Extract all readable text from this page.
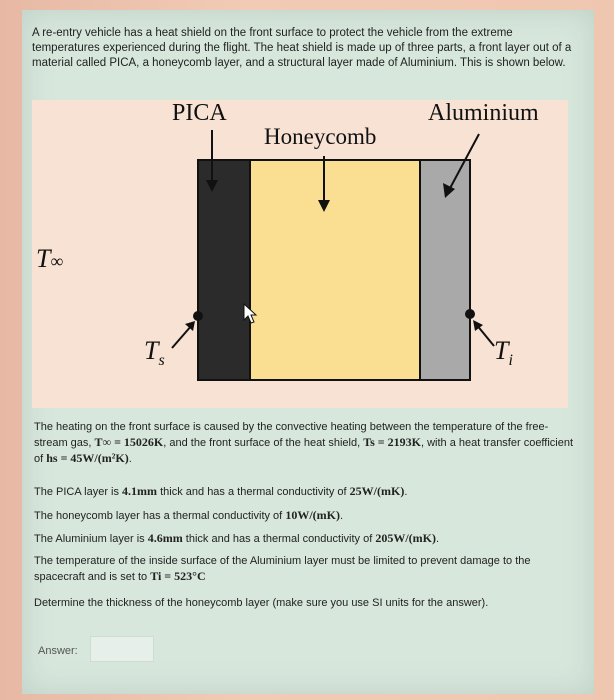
A re-entry vehicle has a heat shield on the front surface to protect the vehicle from the extreme temperatures experienced during the flight. The heat shield is made up of three parts, a front layer out of a material called PICA, a honeycomb layer, and a structural layer made of Aluminium. This is shown below.
PICA
Honeycomb
Aluminium
T∞
$T_s$	$T_i$
The heating on the front surface is caused by the convective heating between the temperature of the free-stream gas, T∞ = 15026K, and the front surface of the heat shield, Ts = 2193K, with a heat transfer coefficient of hs = 45W/(m²K).
The PICA layer is 4.1mm thick and has a thermal conductivity of 25W/(mK).
The honeycomb layer has a thermal conductivity of 10W/(mK).
The Aluminium layer is 4.6mm thick and has a thermal conductivity of 205W/(mK).
The temperature of the inside surface of the Aluminium layer must be limited to prevent damage to the spacecraft and is set to Ti = 523°C
Determine the thickness of the honeycomb layer (make sure you use SI units for the answer).
Answer:
